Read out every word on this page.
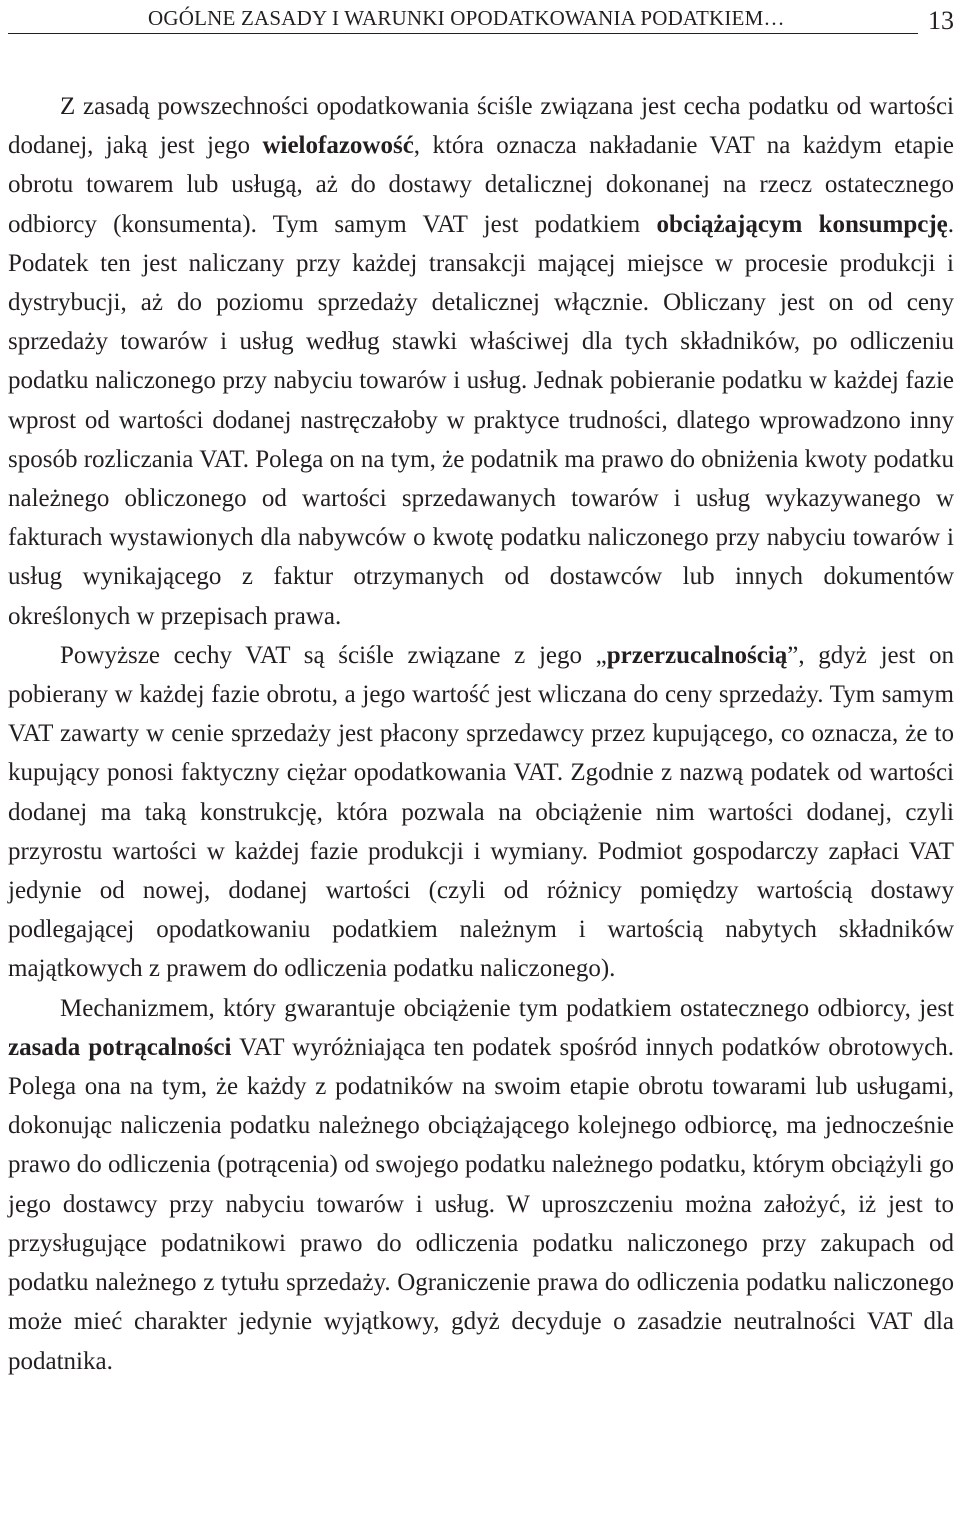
OGÓLNE ZASADY I WARUNKI OPODATKOWANIA PODATKIEM…	13

Z zasadą powszechności opodatkowania ściśle związana jest cecha podatku od wartości dodanej, jaką jest jego wielofazowość, która oznacza nakładanie VAT na każdym etapie obrotu towarem lub usługą, aż do dostawy detalicznej dokonanej na rzecz ostatecznego odbiorcy (konsumenta). Tym samym VAT jest podatkiem obciążającym konsumpcję. Podatek ten jest naliczany przy każdej transakcji mającej miejsce w procesie produkcji i dystrybucji, aż do poziomu sprzedaży detalicznej włącznie. Obliczany jest on od ceny sprzedaży towarów i usług według stawki właściwej dla tych składników, po odliczeniu podatku naliczonego przy nabyciu towarów i usług. Jednak pobieranie podatku w każdej fazie wprost od wartości dodanej nastręczałoby w praktyce trudności, dlatego wprowadzono inny sposób rozliczania VAT. Polega on na tym, że podatnik ma prawo do obniżenia kwoty podatku należnego obliczonego od wartości sprzedawanych towarów i usług wykazywanego w fakturach wystawionych dla nabywców o kwotę podatku naliczonego przy nabyciu towarów i usług wynikającego z faktur otrzymanych od dostawców lub innych dokumentów określonych w przepisach prawa.

Powyższe cechy VAT są ściśle związane z jego „przerzucalnością”, gdyż jest on pobierany w każdej fazie obrotu, a jego wartość jest wliczana do ceny sprzedaży. Tym samym VAT zawarty w cenie sprzedaży jest płacony sprzedawcy przez kupującego, co oznacza, że to kupujący ponosi faktyczny ciężar opodatkowania VAT. Zgodnie z nazwą podatek od wartości dodanej ma taką konstrukcję, która pozwala na obciążenie nim wartości dodanej, czyli przyrostu wartości w każdej fazie produkcji i wymiany. Podmiot gospodarczy zapłaci VAT jedynie od nowej, dodanej wartości (czyli od różnicy pomiędzy wartością dostawy podlegającej opodatkowaniu podatkiem należnym i wartością nabytych składników majątkowych z prawem do odliczenia podatku naliczonego).

Mechanizmem, który gwarantuje obciążenie tym podatkiem ostatecznego odbiorcy, jest zasada potrącalności VAT wyróżniająca ten podatek spośród innych podatków obrotowych. Polega ona na tym, że każdy z podatników na swoim etapie obrotu towarami lub usługami, dokonując naliczenia podatku należnego obciążającego kolejnego odbiorcę, ma jednocześnie prawo do odliczenia (potrącenia) od swojego podatku należnego podatku, którym obciążyli go jego dostawcy przy nabyciu towarów i usług. W uproszczeniu można założyć, iż jest to przysługujące podatnikowi prawo do odliczenia podatku naliczonego przy zakupach od podatku należnego z tytułu sprzedaży. Ograniczenie prawa do odliczenia podatku naliczonego może mieć charakter jedynie wyjątkowy, gdyż decyduje o zasadzie neutralności VAT dla podatnika.
